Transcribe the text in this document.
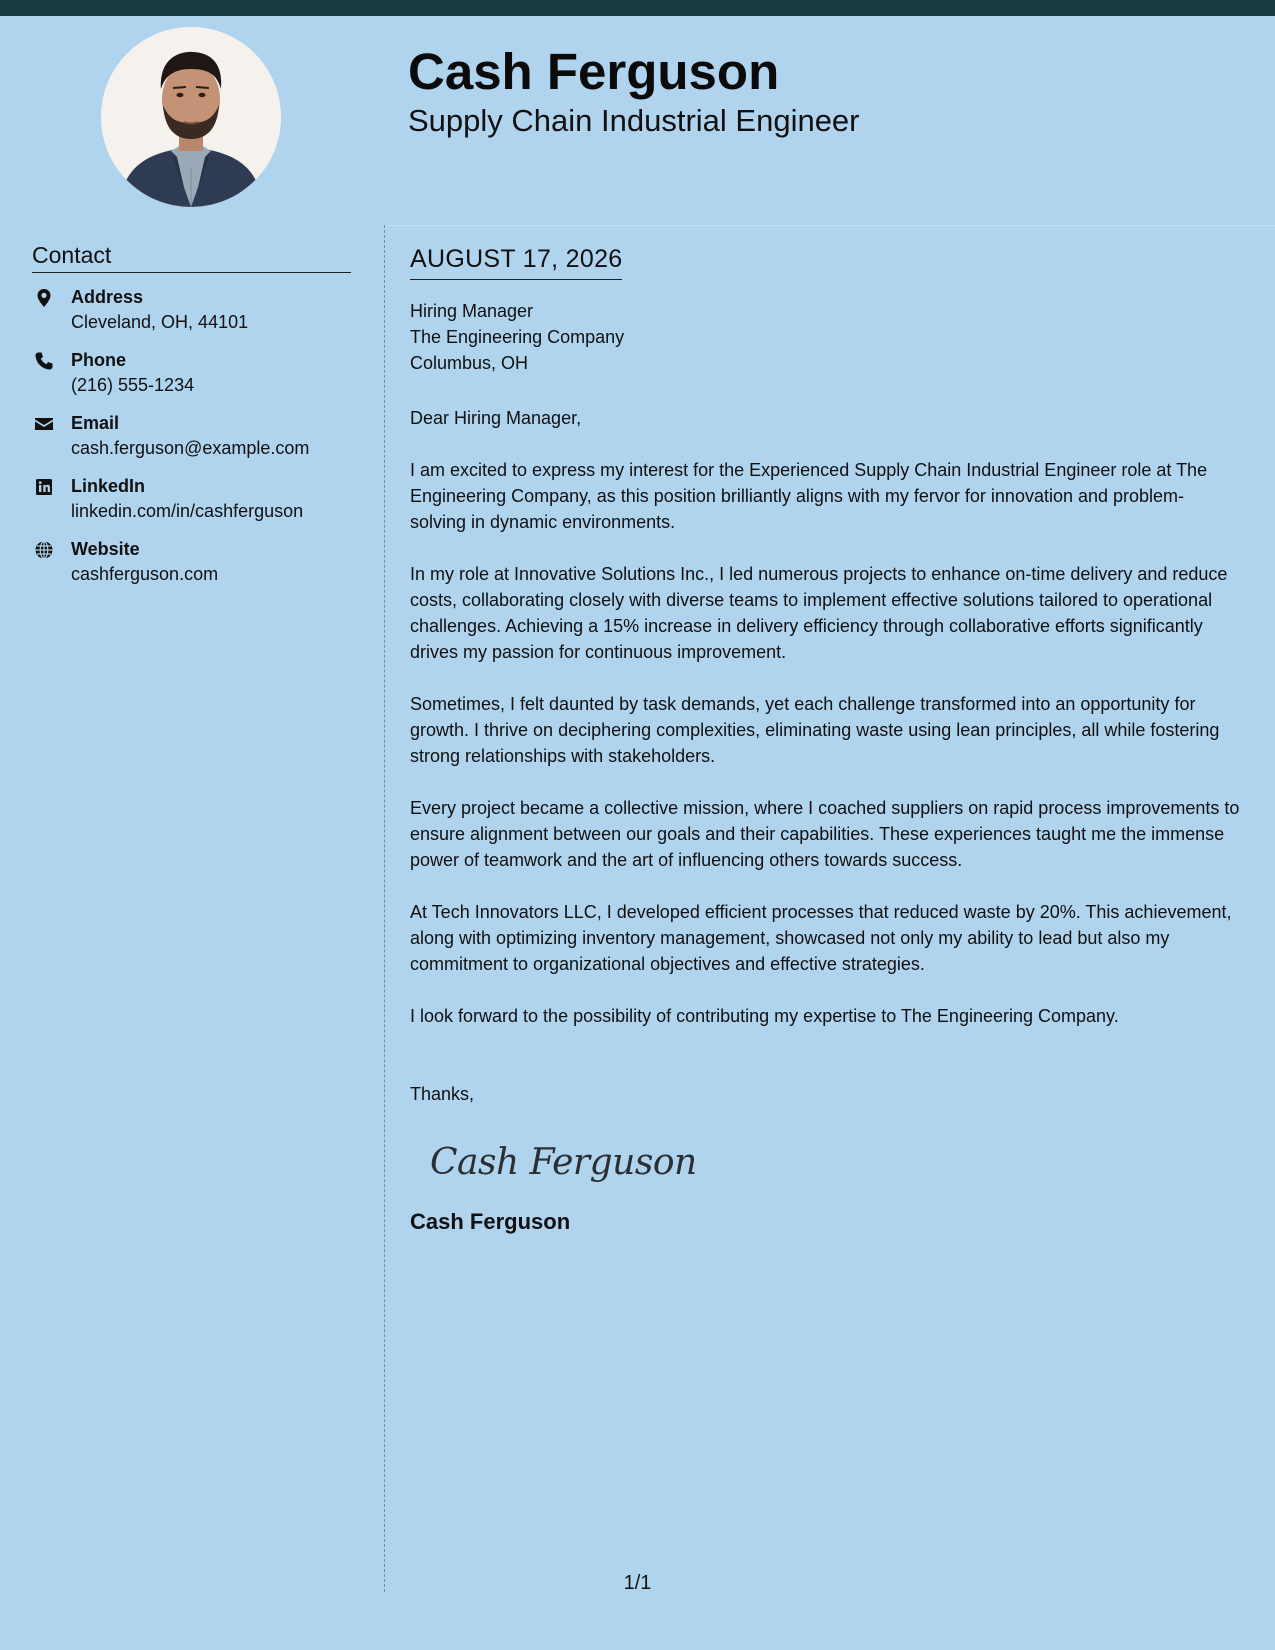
Cash Ferguson
Supply Chain Industrial Engineer
Contact
Address
Cleveland, OH, 44101
Phone
(216) 555-1234
Email
cash.ferguson@example.com
LinkedIn
linkedin.com/in/cashferguson
Website
cashferguson.com
AUGUST 17, 2026
Hiring Manager
The Engineering Company
Columbus, OH

Dear Hiring Manager,

I am excited to express my interest for the Experienced Supply Chain Industrial Engineer role at The Engineering Company, as this position brilliantly aligns with my fervor for innovation and problem-solving in dynamic environments.

In my role at Innovative Solutions Inc., I led numerous projects to enhance on-time delivery and reduce costs, collaborating closely with diverse teams to implement effective solutions tailored to operational challenges. Achieving a 15% increase in delivery efficiency through collaborative efforts significantly drives my passion for continuous improvement.

Sometimes, I felt daunted by task demands, yet each challenge transformed into an opportunity for growth. I thrive on deciphering complexities, eliminating waste using lean principles, all while fostering strong relationships with stakeholders.

Every project became a collective mission, where I coached suppliers on rapid process improvements to ensure alignment between our goals and their capabilities. These experiences taught me the immense power of teamwork and the art of influencing others towards success.

At Tech Innovators LLC, I developed efficient processes that reduced waste by 20%. This achievement, along with optimizing inventory management, showcased not only my ability to lead but also my commitment to organizational objectives and effective strategies.

I look forward to the possibility of contributing my expertise to The Engineering Company.

Thanks,
Cash Ferguson
Cash Ferguson
1/1
